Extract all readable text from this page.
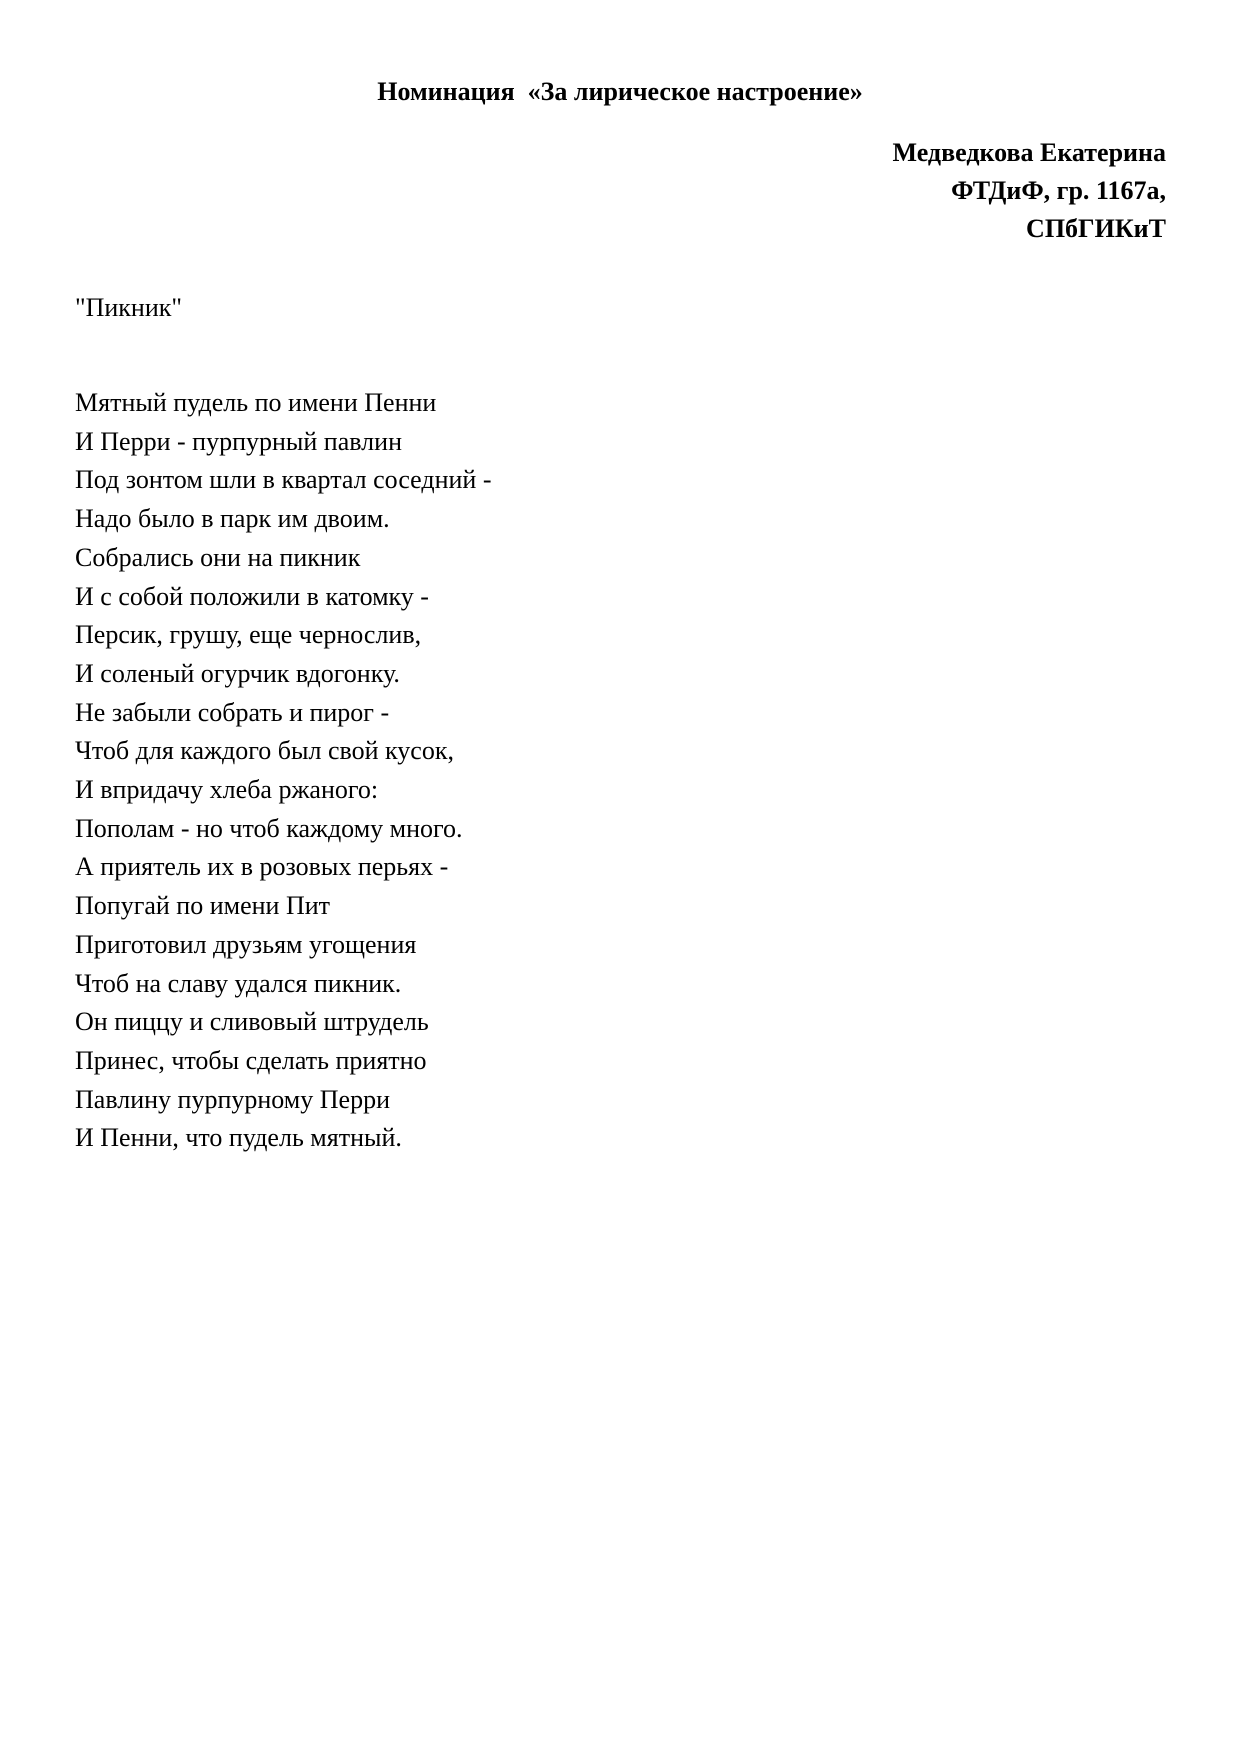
Номинация  «За лирическое настроение»

Медведкова Екатерина
ФТДиФ, гр. 1167а,
СПбГИКиТ

"Пикник"

Мятный пудель по имени Пенни
И Перри - пурпурный павлин
Под зонтом шли в квартал соседний -
Надо было в парк им двоим.
Собрались они на пикник
И с собой положили в катомку -
Персик, грушу, еще чернослив,
И соленый огурчик вдогонку.
Не забыли собрать и пирог -
Чтоб для каждого был свой кусок,
И впридачу хлеба ржаного:
Пополам - но чтоб каждому много.
А приятель их в розовых перьях -
Попугай по имени Пит
Приготовил друзьям угощения
Чтоб на славу удался пикник.
Он пиццу и сливовый штрудель
Принес, чтобы сделать приятно
Павлину пурпурному Перри
И Пенни, что пудель мятный.
